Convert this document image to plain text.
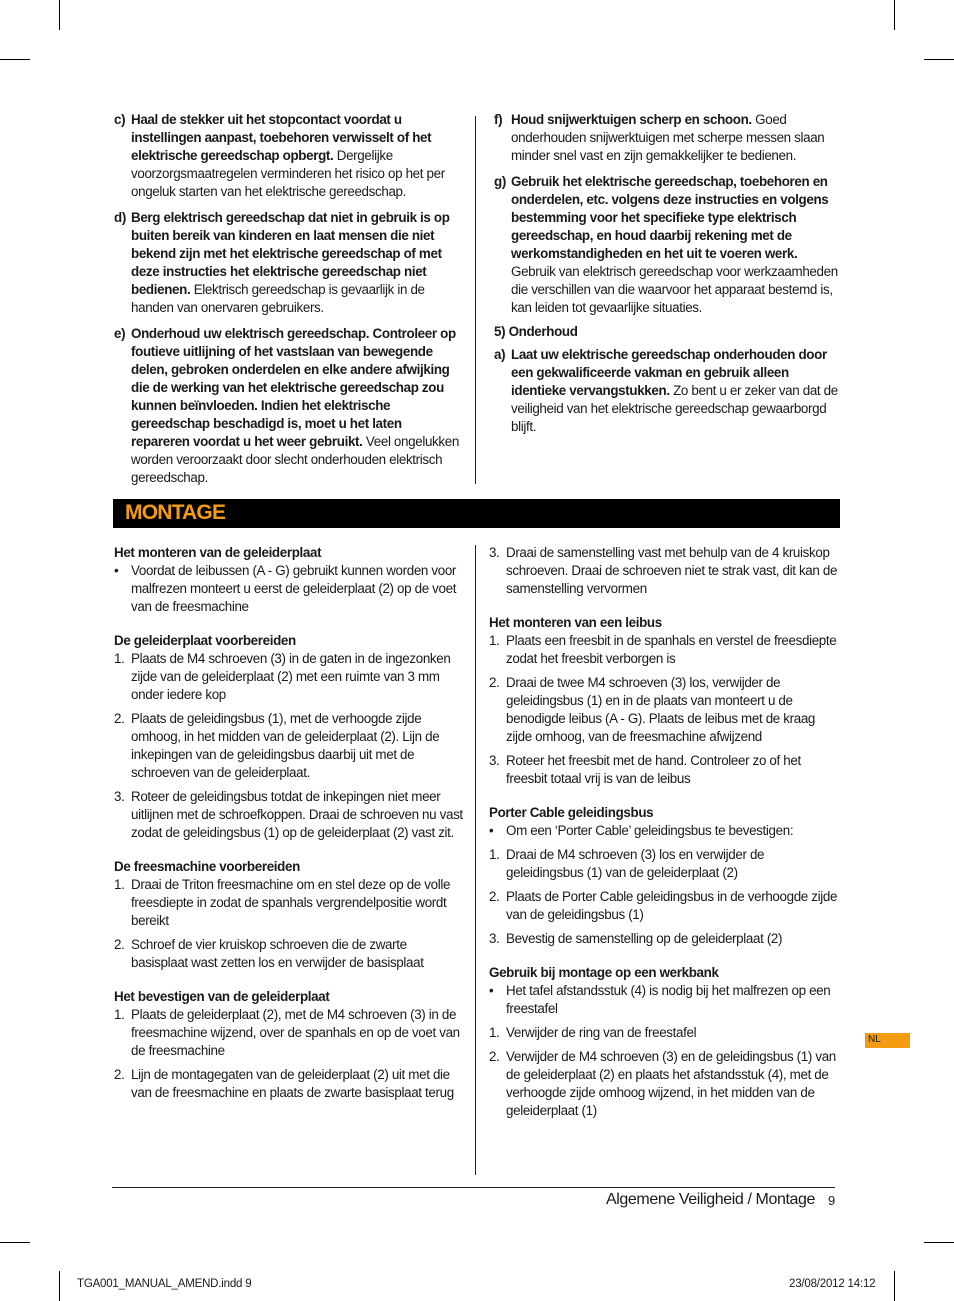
c) Haal de stekker uit het stopcontact voordat u instellingen aanpast, toebehoren verwisselt of het elektrische gereedschap opbergt. Dergelijke voorzorgsmaatregelen verminderen het risico op het per ongeluk starten van het elektrische gereedschap.

d) Berg elektrisch gereedschap dat niet in gebruik is op buiten bereik van kinderen en laat mensen die niet bekend zijn met het elektrische gereedschap of met deze instructies het elektrische gereedschap niet bedienen. Elektrisch gereedschap is gevaarlijk in de handen van onervaren gebruikers.

e) Onderhoud uw elektrisch gereedschap. Controleer op foutieve uitlijning of het vastslaan van bewegende delen, gebroken onderdelen en elke andere afwijking die de werking van het elektrische gereedschap zou kunnen beïnvloeden. Indien het elektrische gereedschap beschadigd is, moet u het laten repareren voordat u het weer gebruikt. Veel ongelukken worden veroorzaakt door slecht onderhouden elektrisch gereedschap.

f) Houd snijwerktuigen scherp en schoon. Goed onderhouden snijwerktuigen met scherpe messen slaan minder snel vast en zijn gemakkelijker te bedienen.

g) Gebruik het elektrische gereedschap, toebehoren en onderdelen, etc. volgens deze instructies en volgens bestemming voor het specifieke type elektrisch gereedschap, en houd daarbij rekening met de werkomstandigheden en het uit te voeren werk. Gebruik van elektrisch gereedschap voor werkzaamheden die verschillen van die waarvoor het apparaat bestemd is, kan leiden tot gevaarlijke situaties.

5) Onderhoud

a) Laat uw elektrische gereedschap onderhouden door een gekwalificeerde vakman en gebruik alleen identieke vervangstukken. Zo bent u er zeker van dat de veiligheid van het elektrische gereedschap gewaarborgd blijft.

MONTAGE

Het monteren van de geleiderplaat

• Voordat de leibussen (A - G) gebruikt kunnen worden voor malfrezen monteert u eerst de geleiderplaat (2) op de voet van de freesmachine

De geleiderplaat voorbereiden

1. Plaats de M4 schroeven (3) in de gaten in de ingezonken zijde van de geleiderplaat (2) met een ruimte van 3 mm onder iedere kop

2. Plaats de geleidingsbus (1), met de verhoogde zijde omhoog, in het midden van de geleiderplaat (2). Lijn de inkepingen van de geleidingsbus daarbij uit met de schroeven van de geleiderplaat.

3. Roteer de geleidingsbus totdat de inkepingen niet meer uitlijnen met de schroefkoppen. Draai de schroeven nu vast zodat de geleidingsbus (1) op de geleiderplaat (2) vast zit.

De freesmachine voorbereiden

1. Draai de Triton freesmachine om en stel deze op de volle freesdiepte in zodat de spanhals vergrendelpositie wordt bereikt

2. Schroef de vier kruiskop schroeven die de zwarte basisplaat wast zetten los en verwijder de basisplaat

Het bevestigen van de geleiderplaat

1. Plaats de geleiderplaat (2), met de M4 schroeven (3) in de freesmachine wijzend, over de spanhals en op de voet van de freesmachine

2. Lijn de montagegaten van de geleiderplaat (2) uit met die van de freesmachine en plaats de zwarte basisplaat terug

3. Draai de samenstelling vast met behulp van de 4 kruiskop schroeven. Draai de schroeven niet te strak vast, dit kan de samenstelling vervormen

Het monteren van een leibus

1. Plaats een freesbit in de spanhals en verstel de freesdiepte zodat het freesbit verborgen is

2. Draai de twee M4 schroeven (3) los, verwijder de geleidingsbus (1) en in de plaats van monteert u de benodigde leibus (A - G). Plaats de leibus met de kraag zijde omhoog, van de freesmachine afwijzend

3. Roteer het freesbit met de hand. Controleer zo of het freesbit totaal vrij is van de leibus

Porter Cable geleidingsbus

• Om een ‘Porter Cable’ geleidingsbus te bevestigen:

1. Draai de M4 schroeven (3) los en verwijder de geleidingsbus (1) van de geleiderplaat (2)

2. Plaats de Porter Cable geleidingsbus in de verhoogde zijde van de geleidingsbus (1)

3. Bevestig de samenstelling op de geleiderplaat (2)

Gebruik bij montage op een werkbank

• Het tafel afstandsstuk (4) is nodig bij het malfrezen op een freestafel

1. Verwijder de ring van de freestafel

2. Verwijder de M4 schroeven (3) en de geleidingsbus (1) van de geleiderplaat (2) en plaats het afstandsstuk (4), met de verhoogde zijde omhoog wijzend, in het midden van de geleiderplaat (1)

NL
Algemene Veiligheid / Montage 9
TGA001_MANUAL_AMEND.indd 9	23/08/2012 14:12
